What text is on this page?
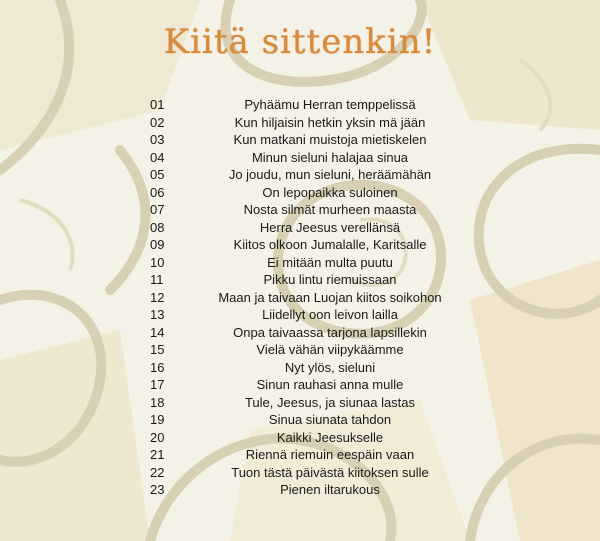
Kiitä sittenkin!
01	Pyhäämu Herran temppelissä
02	Kun hiljaisin hetkin yksin mä jään
03	Kun matkani muistoja mietiskelen
04	Minun sieluni halajaa sinua
05	Jo joudu, mun sieluni, heräämähän
06	On lepopaikka suloinen
07	Nosta silmät murheen maasta
08	Herra Jeesus verellänsä
09	Kiitos olkoon Jumalalle, Karitsalle
10	Ei mitään multa puutu
11	Pikku lintu riemuissaan
12	Maan ja taivaan Luojan kiitos soikohon
13	Liidellyt oon leivon lailla
14	Onpa taivaassa tarjona lapsillekin
15	Vielä vähän viipykäämme
16	Nyt ylös, sieluni
17	Sinun rauhasi anna mulle
18	Tule, Jeesus, ja siunaa lastas
19	Sinua siunata tahdon
20	Kaikki Jeesukselle
21	Riennä riemuin eespäin vaan
22	Tuon tästä päivästä kiitoksen sulle
23	Pienen iltarukous
